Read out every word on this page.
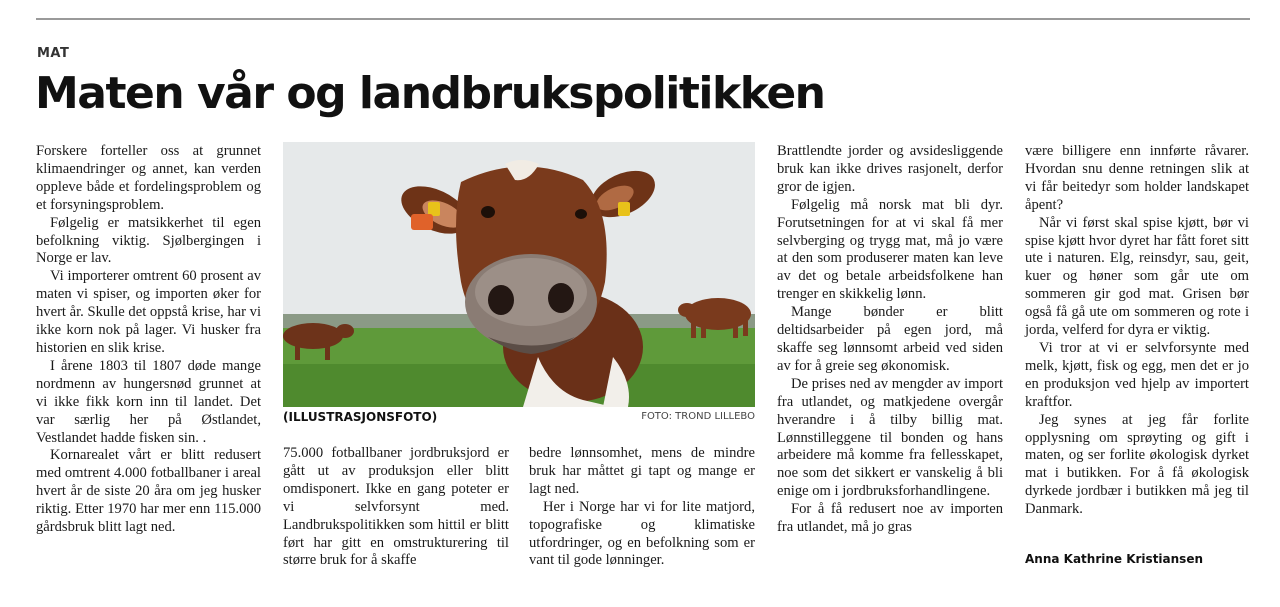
MAT
Maten vår og landbrukspolitikken

Forskere forteller oss at grunnet klimaendringer og annet, kan verden oppleve både et fordelingsproblem og et forsyningsproblem.

Følgelig er matsikkerhet til egen befolkning viktig. Sjølbergingen i Norge er lav.

Vi importerer omtrent 60 prosent av maten vi spiser, og importen øker for hvert år. Skulle det oppstå krise, har vi ikke korn nok på lager. Vi husker fra historien en slik krise.

I årene 1803 til 1807 døde mange nordmenn av hungersnød grunnet at vi ikke fikk korn inn til landet. Det var særlig her på Østlandet, Vestlandet hadde fisken sin. .

Kornarealet vårt er blitt redusert med omtrent 4.000 fotballbaner i areal hvert år de siste 20 åra om jeg husker riktig. Etter 1970 har mer enn 115.000 gårdsbruk blitt lagt ned.

(ILLUSTRASJONSFOTO)	FOTO: TROND LILLEBO

75.000 fotballbaner jordbruksjord er gått ut av produksjon eller blitt omdisponert. Ikke en gang poteter er vi selvforsynt med. Landbrukspolitikken som hittil er blitt ført har gitt en omstrukturering til større bruk for å skaffe

bedre lønnsomhet, mens de mindre bruk har måttet gi tapt og mange er lagt ned.

Her i Norge har vi for lite matjord, topografiske og klimatiske utfordringer, og en befolkning som er vant til gode lønninger.

Brattlendte jorder og avsidesliggende bruk kan ikke drives rasjonelt, derfor gror de igjen.

Følgelig må norsk mat bli dyr. Forutsetningen for at vi skal få mer selvberging og trygg mat, må jo være at den som produserer maten kan leve av det og betale arbeidsfolkene han trenger en skikkelig lønn.

Mange bønder er blitt deltidsarbeider på egen jord, må skaffe seg lønnsomt arbeid ved siden av for å greie seg økonomisk.

De prises ned av mengder av import fra utlandet, og matkjedene overgår hverandre i å tilby billig mat. Lønnstilleggene til bonden og hans arbeidere må komme fra fellesskapet, noe som det sikkert er vanskelig å bli enige om i jordbruksforhandlingene.

For å få redusert noe av importen fra utlandet, må jo gras

være billigere enn innførte råvarer. Hvordan snu denne retningen slik at vi får beitedyr som holder landskapet åpent?

Når vi først skal spise kjøtt, bør vi spise kjøtt hvor dyret har fått foret sitt ute i naturen. Elg, reinsdyr, sau, geit, kuer og høner som går ute om sommeren gir god mat. Grisen bør også få gå ute om sommeren og rote i jorda, velferd for dyra er viktig.

Vi tror at vi er selvforsynte med melk, kjøtt, fisk og egg, men det er jo en produksjon ved hjelp av importert kraftfor.

Jeg synes at jeg får forlite opplysning om sprøyting og gift i maten, og ser forlite økologisk dyrket mat i butikken. For å få økologisk dyrkede jordbær i butikken må jeg til Danmark.

Anna Kathrine Kristiansen
